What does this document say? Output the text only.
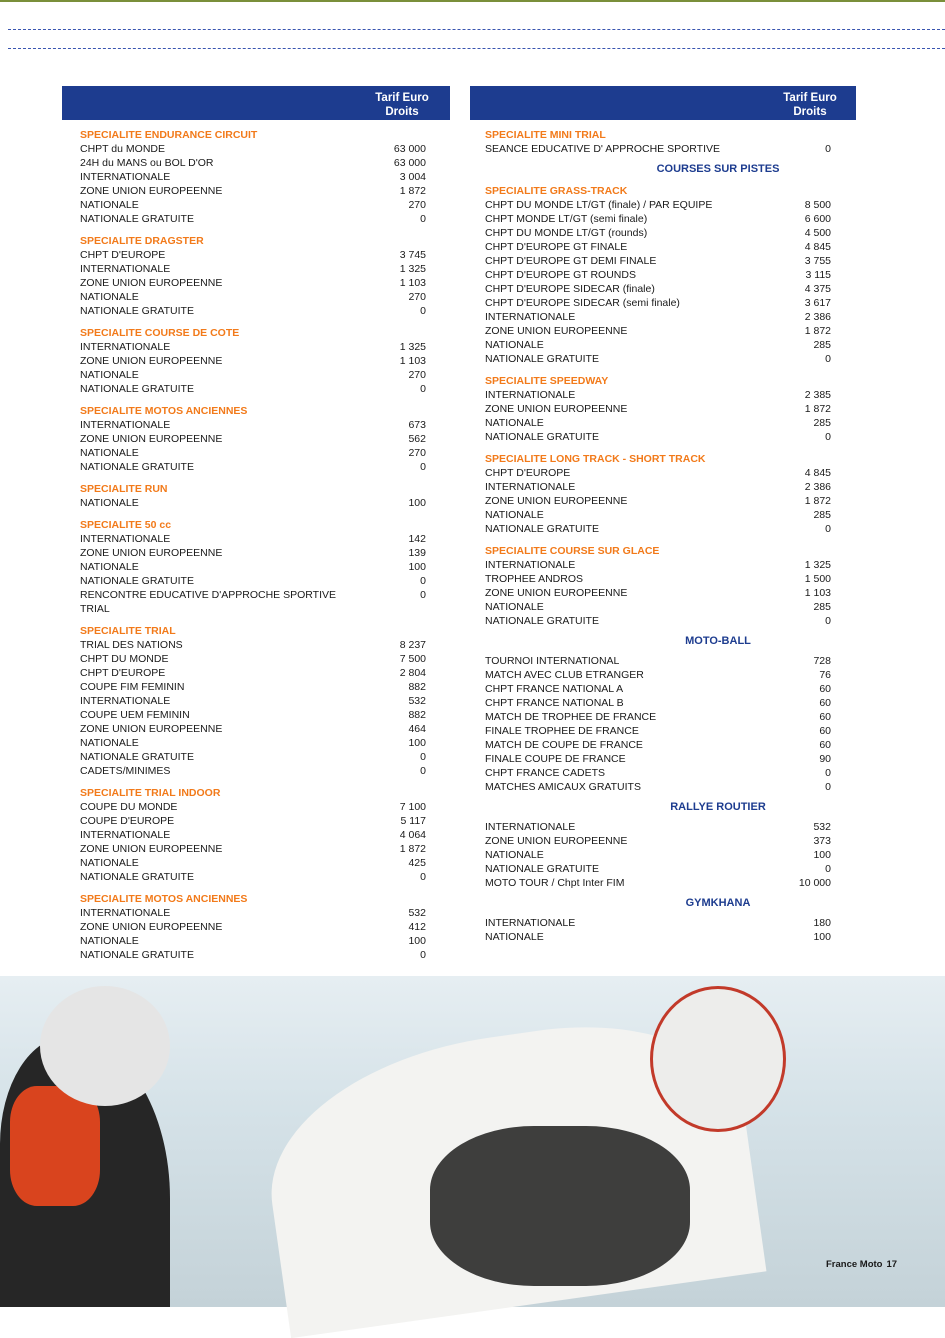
Tarif Euro
Droits
Tarif Euro
Droits
SPECIALITE ENDURANCE CIRCUIT
CHPT du MONDE	63 000
24H du MANS ou BOL D'OR	63 000
INTERNATIONALE	3 004
ZONE UNION EUROPEENNE	1 872
NATIONALE	270
NATIONALE GRATUITE	0
SPECIALITE DRAGSTER
CHPT D'EUROPE	3 745
INTERNATIONALE	1 325
ZONE UNION EUROPEENNE	1 103
NATIONALE	270
NATIONALE GRATUITE	0
SPECIALITE COURSE DE COTE
INTERNATIONALE	1 325
ZONE UNION EUROPEENNE	1 103
NATIONALE	270
NATIONALE GRATUITE	0
SPECIALITE MOTOS ANCIENNES
INTERNATIONALE	673
ZONE UNION EUROPEENNE	562
NATIONALE	270
NATIONALE GRATUITE	0
SPECIALITE RUN
NATIONALE	100
SPECIALITE 50 cc
INTERNATIONALE	142
ZONE UNION EUROPEENNE	139
NATIONALE	100
NATIONALE GRATUITE	0
RENCONTRE EDUCATIVE D'APPROCHE SPORTIVE	0
TRIAL
SPECIALITE TRIAL
TRIAL DES NATIONS	8 237
CHPT DU MONDE	7 500
CHPT D'EUROPE	2 804
COUPE FIM FEMININ	882
INTERNATIONALE	532
COUPE UEM FEMININ	882
ZONE UNION EUROPEENNE	464
NATIONALE	100
NATIONALE GRATUITE	0
CADETS/MINIMES	0
SPECIALITE TRIAL INDOOR
COUPE DU MONDE	7 100
COUPE D'EUROPE	5 117
INTERNATIONALE	4 064
ZONE UNION EUROPEENNE	1 872
NATIONALE	425
NATIONALE GRATUITE	0
SPECIALITE MOTOS ANCIENNES
INTERNATIONALE	532
ZONE UNION EUROPEENNE	412
NATIONALE	100
NATIONALE GRATUITE	0
SPECIALITE MINI TRIAL
SEANCE EDUCATIVE D' APPROCHE SPORTIVE	0
COURSES SUR PISTES
SPECIALITE GRASS-TRACK
CHPT DU MONDE LT/GT (finale) / PAR EQUIPE	8 500
CHPT MONDE LT/GT (semi finale)	6 600
CHPT DU MONDE LT/GT (rounds)	4 500
CHPT D'EUROPE GT FINALE	4 845
CHPT D'EUROPE GT DEMI FINALE	3 755
CHPT D'EUROPE GT ROUNDS	3 115
CHPT D'EUROPE SIDECAR (finale)	4 375
CHPT D'EUROPE SIDECAR (semi finale)	3 617
INTERNATIONALE	2 386
ZONE UNION EUROPEENNE	1 872
NATIONALE	285
NATIONALE GRATUITE	0
SPECIALITE SPEEDWAY
INTERNATIONALE	2 385
ZONE UNION EUROPEENNE	1 872
NATIONALE	285
NATIONALE GRATUITE	0
SPECIALITE LONG TRACK - SHORT TRACK
CHPT D'EUROPE	4 845
INTERNATIONALE	2 386
ZONE UNION EUROPEENNE	1 872
NATIONALE	285
NATIONALE GRATUITE	0
SPECIALITE COURSE SUR GLACE
INTERNATIONALE	1 325
TROPHEE ANDROS	1 500
ZONE UNION EUROPEENNE	1 103
NATIONALE	285
NATIONALE GRATUITE	0
MOTO-BALL
TOURNOI INTERNATIONAL	728
MATCH AVEC CLUB ETRANGER	76
CHPT FRANCE NATIONAL A	60
CHPT FRANCE NATIONAL B	60
MATCH DE TROPHEE DE FRANCE	60
FINALE TROPHEE DE FRANCE	60
MATCH DE COUPE DE FRANCE	60
FINALE COUPE DE FRANCE	90
CHPT FRANCE CADETS	0
MATCHES AMICAUX GRATUITS	0
RALLYE ROUTIER
INTERNATIONALE	532
ZONE UNION EUROPEENNE	373
NATIONALE	100
NATIONALE GRATUITE	0
MOTO TOUR / Chpt Inter FIM	10 000
GYMKHANA
INTERNATIONALE	180
NATIONALE	100
France Moto 17
